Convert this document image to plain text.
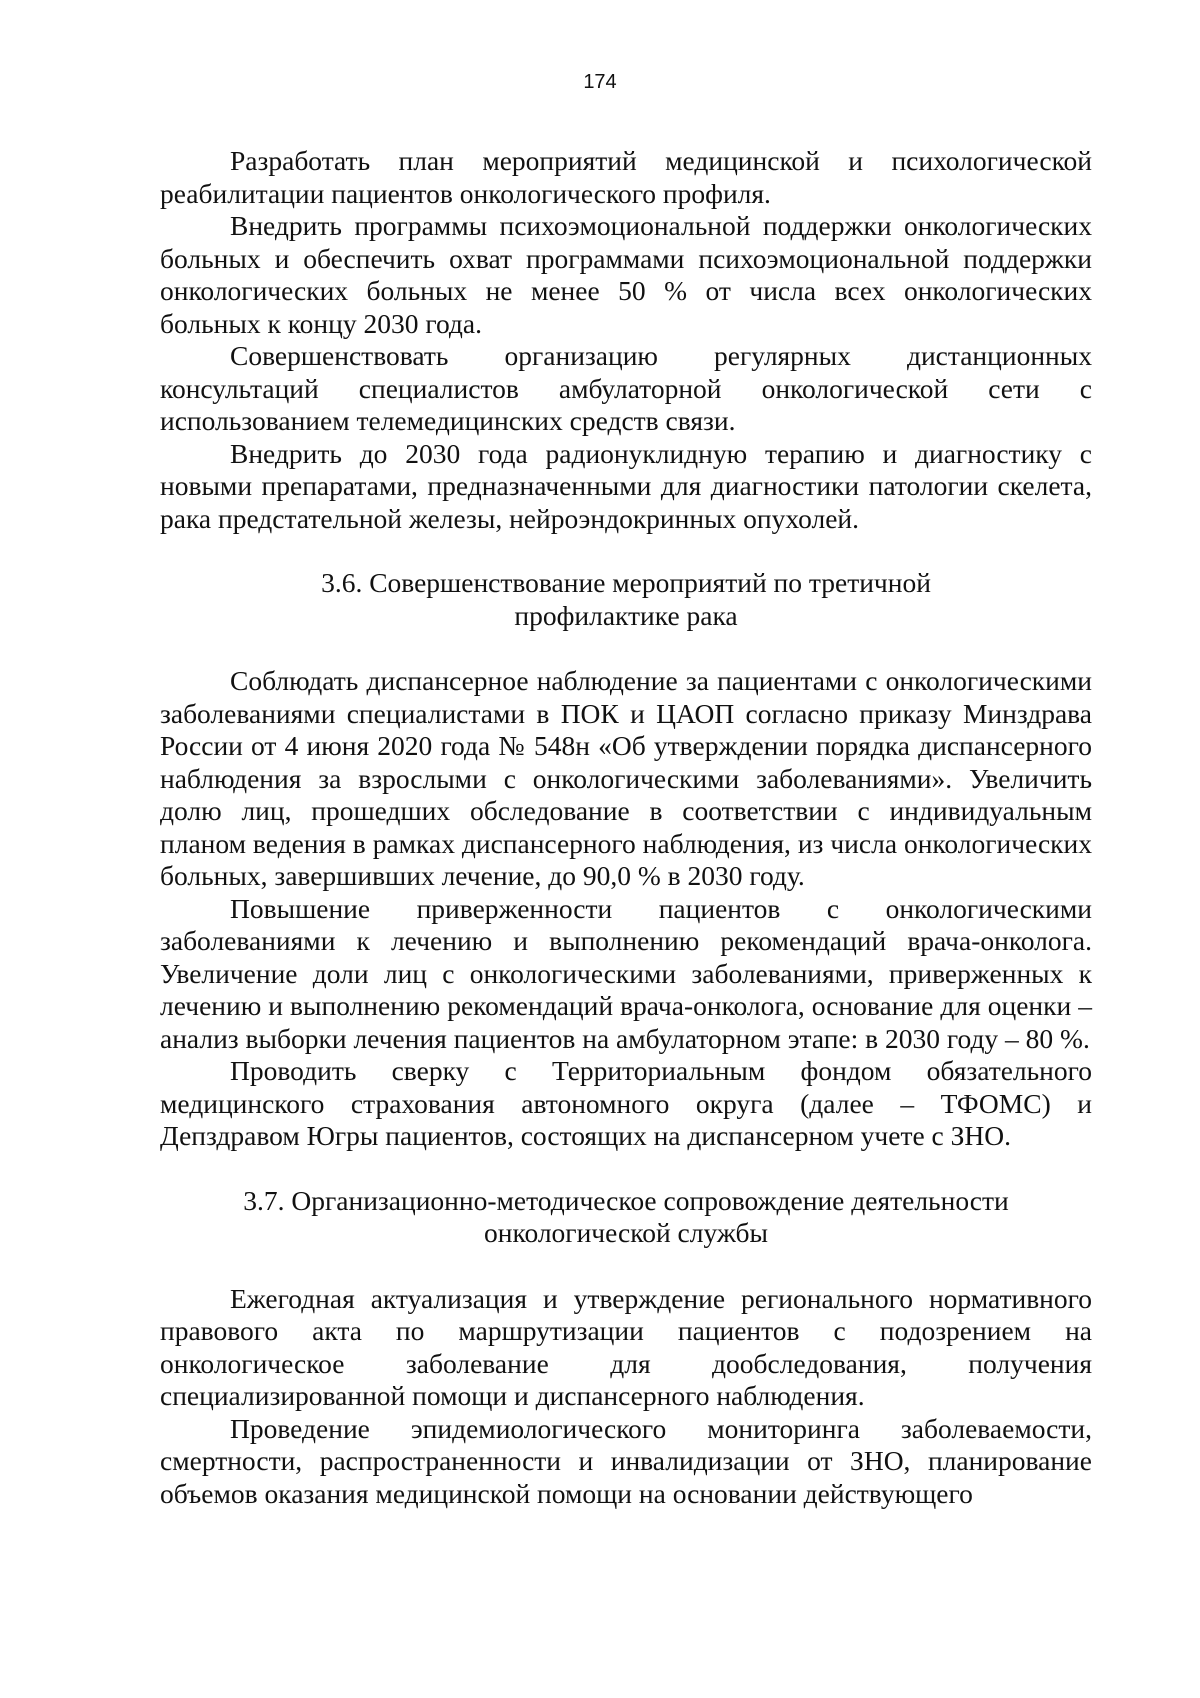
174

Разработать план мероприятий медицинской и психологической реабилитации пациентов онкологического профиля.

Внедрить программы психоэмоциональной поддержки онкологических больных и обеспечить охват программами психоэмоциональной поддержки онкологических больных не менее 50 % от числа всех онкологических больных к концу 2030 года.

Совершенствовать организацию регулярных дистанционных консультаций специалистов амбулаторной онкологической сети с использованием телемедицинских средств связи.

Внедрить до 2030 года радионуклидную терапию и диагностику с новыми препаратами, предназначенными для диагностики патологии скелета, рака предстательной железы, нейроэндокринных опухолей.

3.6. Совершенствование мероприятий по третичной
профилактике рака

Соблюдать диспансерное наблюдение за пациентами с онкологическими заболеваниями специалистами в ПОК и ЦАОП согласно приказу Минздрава России от 4 июня 2020 года № 548н «Об утверждении порядка диспансерного наблюдения за взрослыми с онкологическими заболеваниями». Увеличить долю лиц, прошедших обследование в соответствии с индивидуальным планом ведения в рамках диспансерного наблюдения, из числа онкологических больных, завершивших лечение, до 90,0 % в 2030 году.

Повышение приверженности пациентов с онкологическими заболеваниями к лечению и выполнению рекомендаций врача-онколога. Увеличение доли лиц с онкологическими заболеваниями, приверженных к лечению и выполнению рекомендаций врача-онколога, основание для оценки – анализ выборки лечения пациентов на амбулаторном этапе: в 2030 году – 80 %.

Проводить сверку с Территориальным фондом обязательного медицинского страхования автономного округа (далее – ТФОМС) и Депздравом Югры пациентов, состоящих на диспансерном учете с ЗНО.

3.7. Организационно-методическое сопровождение деятельности
онкологической службы

Ежегодная актуализация и утверждение регионального нормативного правового акта по маршрутизации пациентов с подозрением на онкологическое заболевание для дообследования, получения специализированной помощи и диспансерного наблюдения.

Проведение эпидемиологического мониторинга заболеваемости, смертности, распространенности и инвалидизации от ЗНО, планирование объемов оказания медицинской помощи на основании действующего
